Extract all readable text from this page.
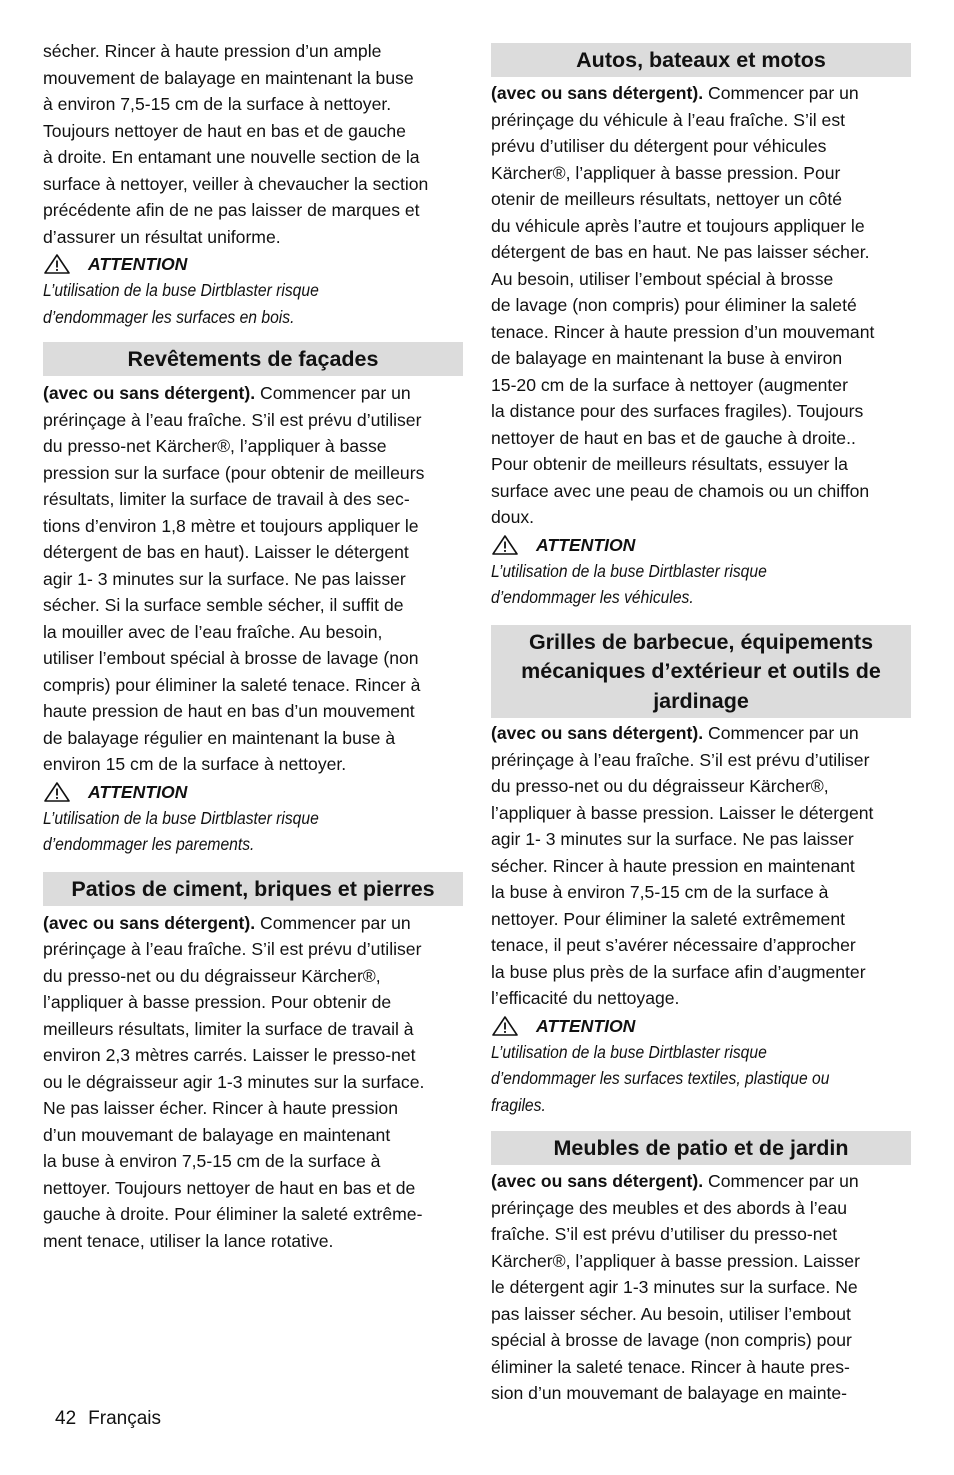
sécher. Rincer à haute pression d’un ample

mouvement de balayage en maintenant la buse

à environ 7,5-15 cm de la surface à nettoyer.

Toujours nettoyer de haut en bas et de gauche

à droite. En entamant une nouvelle section de la

surface à nettoyer, veiller à chevaucher la section

précédente afin de ne pas laisser de marques et

d’assurer un résultat uniforme.

ATTENTION
L’utilisation de la buse Dirtblaster risque
d’endommager les surfaces en bois.
Revêtements de façades

(avec ou sans détergent). Commencer par un

prérinçage à l’eau fraîche. S’il est prévu d’utiliser

du presso-net Kärcher®, l’appliquer à basse

pression sur la surface (pour obtenir de meilleurs

résultats, limiter la surface de travail à des sec-

tions d’environ 1,8 mètre et toujours appliquer le

détergent de bas en haut). Laisser le détergent

agir 1- 3 minutes sur la surface. Ne pas laisser

sécher. Si la surface semble sécher, il suffit de

la mouiller avec de l’eau fraîche. Au besoin,

utiliser l’embout spécial à brosse de lavage (non

compris) pour éliminer la saleté tenace. Rincer à

haute pression de haut en bas d’un mouvement

de balayage régulier en maintenant la buse à

environ 15 cm de la surface à nettoyer.

ATTENTION
L’utilisation de la buse Dirtblaster risque
d’endommager les parements.
Patios de ciment, briques et pierres

(avec ou sans détergent). Commencer par un

prérinçage à l’eau fraîche. S’il est prévu d’utiliser

du presso-net ou du dégraisseur Kärcher®,

l’appliquer à basse pression. Pour obtenir de

meilleurs résultats, limiter la surface de travail à

environ 2,3 mètres carrés. Laisser le presso-net

ou le dégraisseur agir 1-3 minutes sur la surface.

Ne pas laisser écher. Rincer à haute pression

d’un mouvemant de balayage en maintenant

la buse à environ 7,5-15 cm de la surface à

nettoyer. Toujours nettoyer de haut en bas et de

gauche à droite. Pour éliminer la saleté extrême-

ment tenace, utiliser la lance rotative.

Autos, bateaux et motos

(avec ou sans détergent). Commencer par un

prérinçage du véhicule à l’eau fraîche. S’il est

prévu d’utiliser du détergent pour véhicules

Kärcher®, l’appliquer à basse pression. Pour

otenir de meilleurs résultats, nettoyer un côté

du véhicule après l’autre et toujours appliquer le

détergent de bas en haut. Ne pas laisser sécher.

Au besoin, utiliser l’embout spécial à brosse

de lavage (non compris) pour éliminer la saleté

tenace. Rincer à haute pression d’un mouvemant

de balayage en maintenant la buse à environ

15-20 cm de la surface à nettoyer (augmenter

la distance pour des surfaces fragiles). Toujours

nettoyer de haut en bas et de gauche à droite..

Pour obtenir de meilleurs résultats, essuyer la

surface avec une peau de chamois ou un chiffon

doux.

ATTENTION
L’utilisation de la buse Dirtblaster risque
d’endommager les véhicules.
Grilles de barbecue, équipements
mécaniques d’extérieur et outils de
jardinage

(avec ou sans détergent). Commencer par un

prérinçage à l’eau fraîche. S’il est prévu d’utiliser

du presso-net ou du dégraisseur Kärcher®,

l’appliquer à basse pression. Laisser le détergent

agir 1- 3 minutes sur la surface. Ne pas laisser

sécher. Rincer à haute pression en maintenant

la buse à environ 7,5-15 cm de la surface à

nettoyer. Pour éliminer la saleté extrêmement

tenace, il peut s’avérer nécessaire d’approcher

la buse plus près de la surface afin d’augmenter

l’efficacité du nettoyage.

ATTENTION
L’utilisation de la buse Dirtblaster risque
d’endommager les surfaces textiles, plastique ou
fragiles.
Meubles de patio et de jardin

(avec ou sans détergent). Commencer par un

prérinçage des meubles et des abords à l’eau

fraîche. S’il est prévu d’utiliser du presso-net

Kärcher®, l’appliquer à basse pression. Laisser

le détergent agir 1-3 minutes sur la surface. Ne

pas laisser sécher. Au besoin, utiliser l’embout

spécial à brosse de lavage (non compris) pour

éliminer la saleté tenace. Rincer à haute pres-

sion d’un mouvemant de balayage en mainte-

42 Français
